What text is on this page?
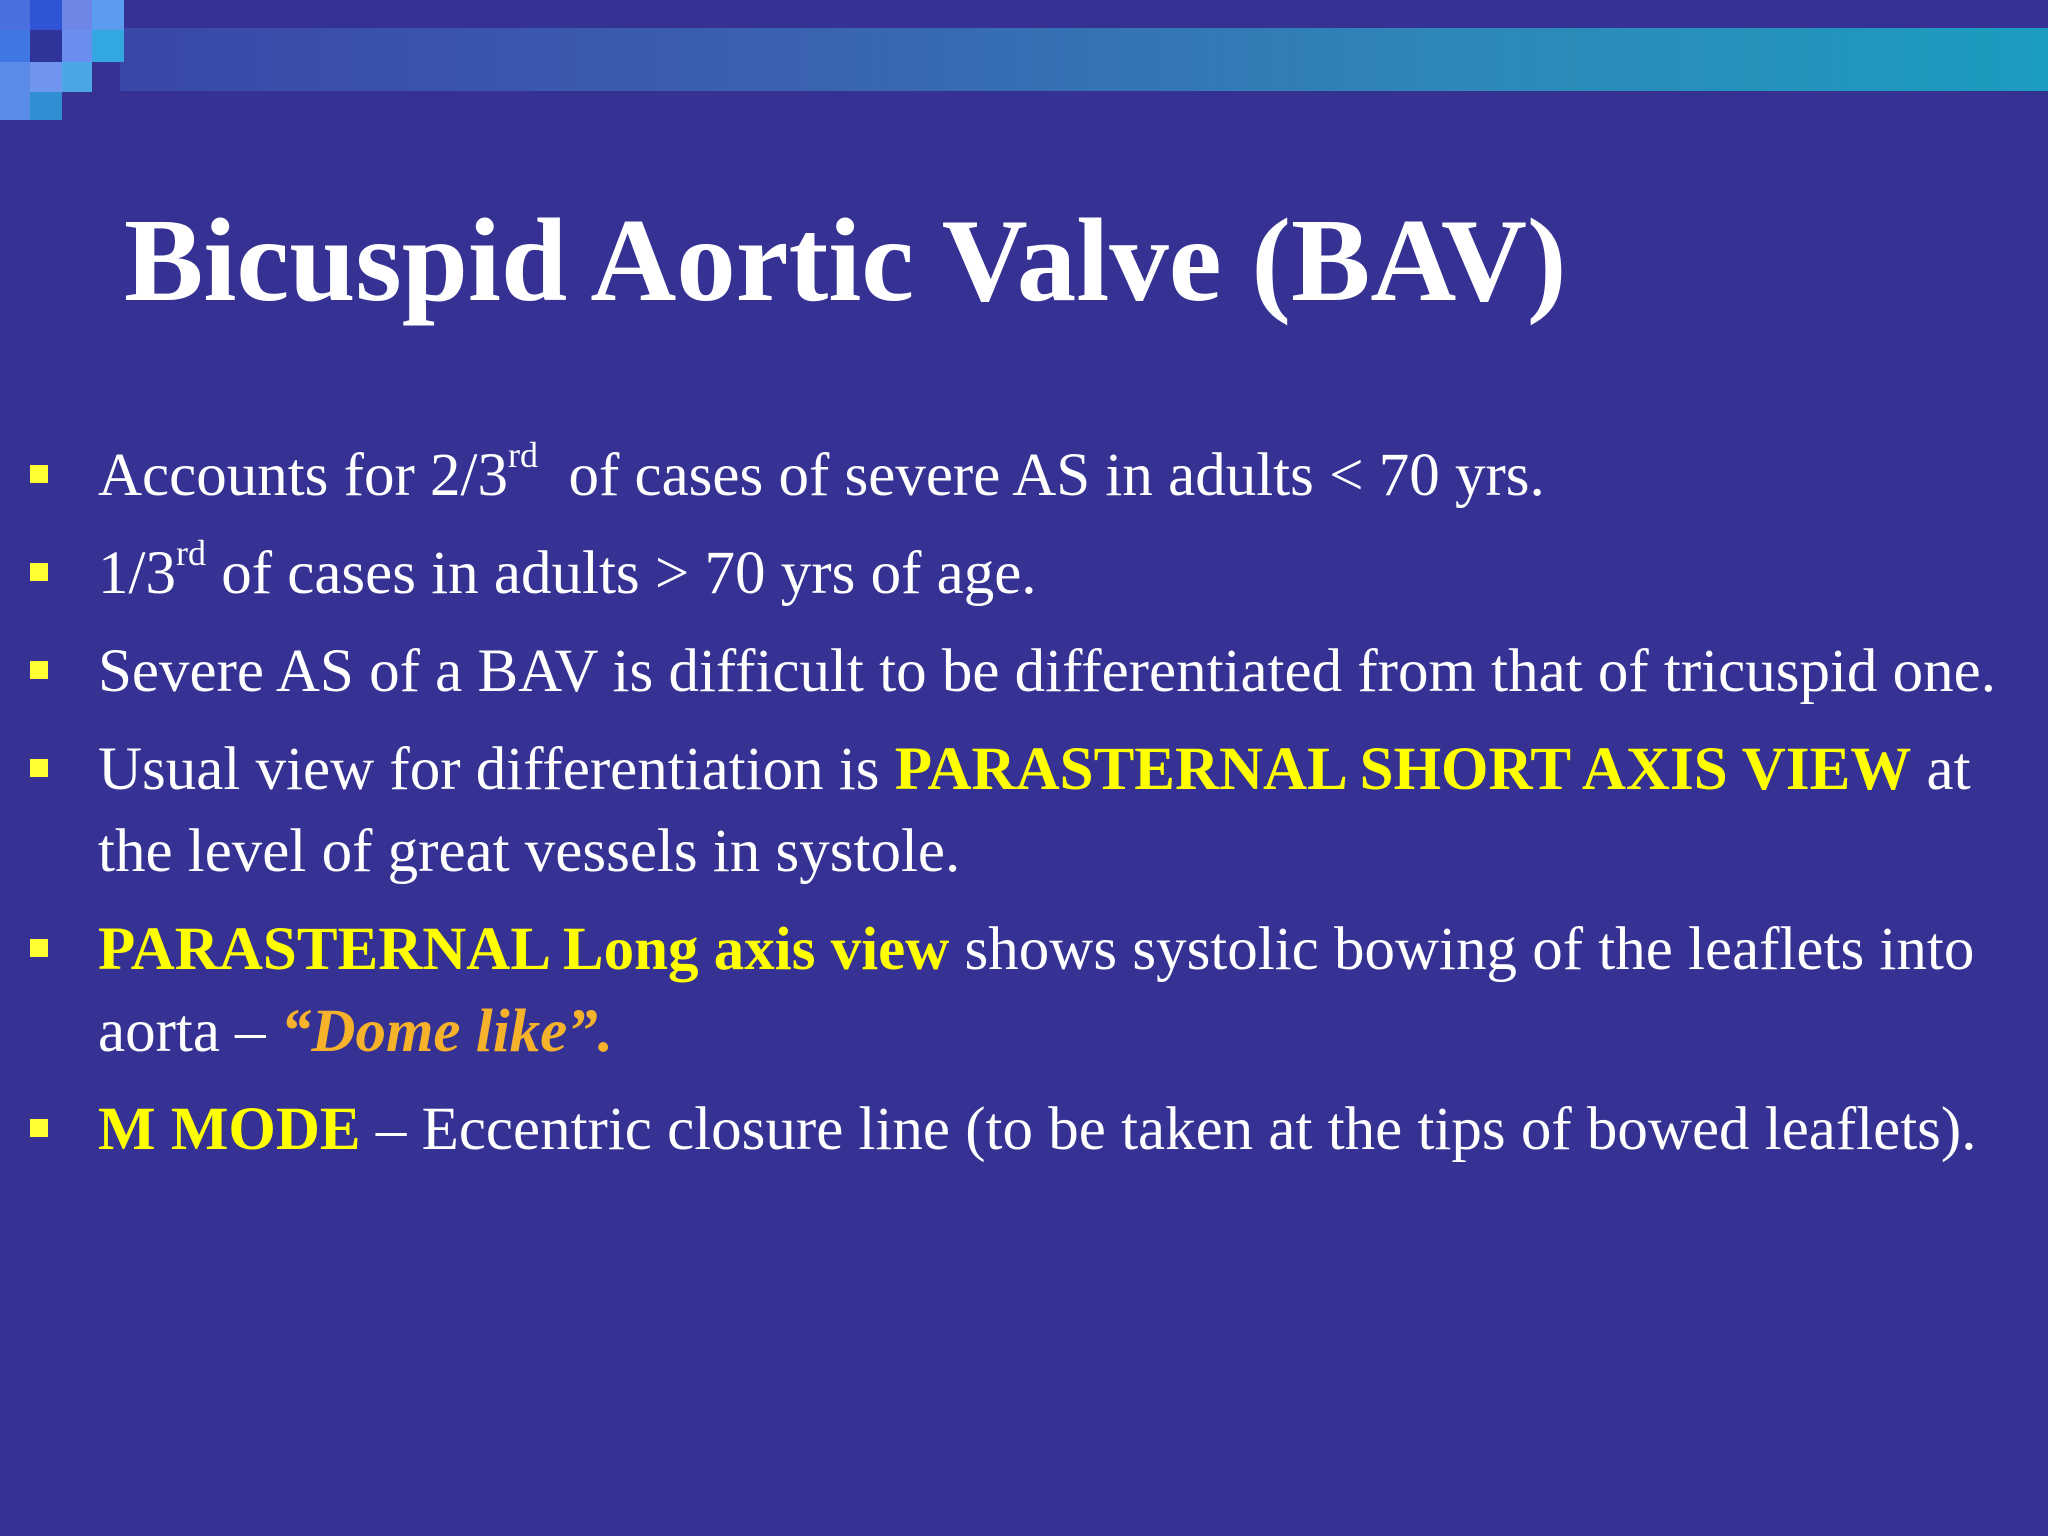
Bicuspid Aortic Valve (BAV)
Accounts for 2/3rd  of cases of severe AS in adults < 70 yrs.
1/3rd of cases in adults > 70 yrs of age.
Severe AS of a BAV is difficult to be differentiated from that of tricuspid one.
Usual view for differentiation is PARASTERNAL SHORT AXIS VIEW at the level of great vessels in systole.
PARASTERNAL Long axis view shows systolic bowing of the leaflets into aorta – “Dome like”.
M MODE – Eccentric closure line (to be taken at the tips of bowed leaflets).
